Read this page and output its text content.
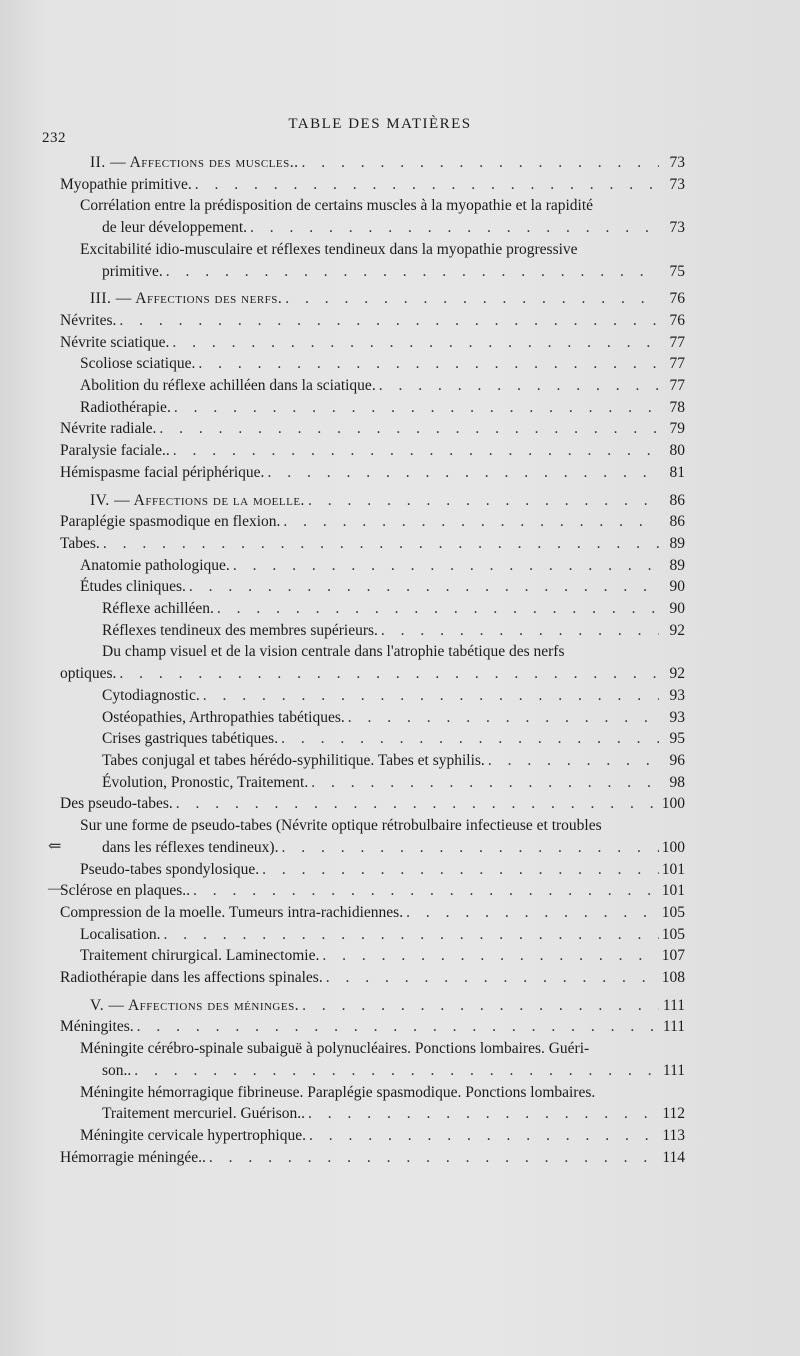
232
TABLE DES MATIÈRES
II. — Affections des muscles.. . . .	73
Myopathie primitive. . . .	73
Corrélation entre la prédisposition de certains muscles à la myopathie et la rapidité
de leur développement. . . .	73
Excitabilité idio-musculaire et réflexes tendineux dans la myopathie progressive
primitive. . . .	75
III. — Affections des nerfs. . . .	76
Névrites. . . .	76
Névrite sciatique. . . .	77
Scoliose sciatique. . . .	77
Abolition du réflexe achilléen dans la sciatique. . . .	77
Radiothérapie. . . .	78
Névrite radiale. . . .	79
Paralysie faciale.. . . .	80
Hémispasme facial périphérique. . . .	81
IV. — Affections de la moelle. . . .	86
Paraplégie spasmodique en flexion. . . .	86
Tabes. . . .	89
Anatomie pathologique. . . .	89
Études cliniques. . . .	90
Réflexe achilléen. . . .	90
Réflexes tendineux des membres supérieurs. . . .	92
Du champ visuel et de la vision centrale dans l'atrophie tabétique des nerfs
optiques. . . .	92
Cytodiagnostic. . . .	93
Ostéopathies, Arthropathies tabétiques. . . .	93
Crises gastriques tabétiques. . . .	95
Tabes conjugal et tabes hérédo-syphilitique. Tabes et syphilis. . . .	96
Évolution, Pronostic, Traitement. . . .	98
Des pseudo-tabes. . . .	100
Sur une forme de pseudo-tabes (Névrite optique rétrobulbaire infectieuse et troubles
dans les réflexes tendineux). . . .	100
Pseudo-tabes spondylosique. . . .	101
Sclérose en plaques.. . . .	101
Compression de la moelle. Tumeurs intra-rachidiennes. . . .	105
Localisation. . . .	105
Traitement chirurgical. Laminectomie. . . .	107
Radiothérapie dans les affections spinales. . . .	108
V. — Affections des méninges. . . .	111
Méningites. . . .	111
Méningite cérébro-spinale subaiguë à polynucléaires. Ponctions lombaires. Guéri-
son.. . . .	111
Méningite hémorragique fibrineuse. Paraplégie spasmodique. Ponctions lombaires.
Traitement mercuriel. Guérison.. . . .	112
Méningite cervicale hypertrophique. . . .	113
Hémorragie méningée.. . . .	114
⇐
—
